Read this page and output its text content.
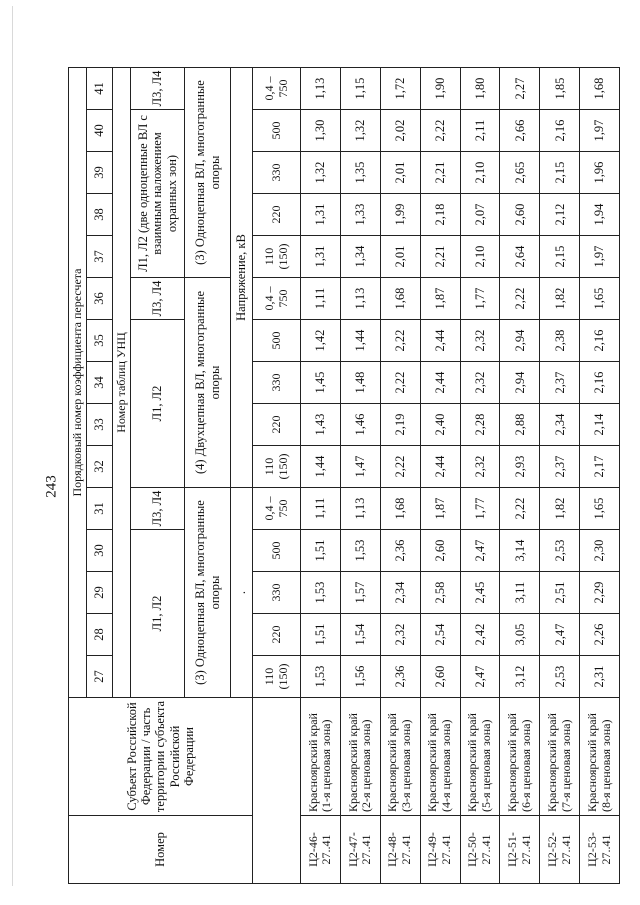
243
Номер	Субъект Российской Федерации / часть территории субъекта Российской Федерации	Порядковый номер коэффициента пересчета														
		27	28	29	30	31	32	33	34	35	36	37	38	39	40	41
		Номер таблиц УНЦ														
		Л1, Л2				Л3, Л4	Л1, Л2				Л3, Л4	Л1, Л2 (две одноцепные ВЛ с взаимным наложением охранных зон)				Л3, Л4
		(3) Одноцепная ВЛ, многогранные опоры					(4) Двухцепная ВЛ, многогранные опоры					(3) Одноцепная ВЛ, многогранные опоры				
		.					Напряжение, кВ									
		110 (150)	220	330	500	0,4 – 750	110 (150)	220	330	500	0,4 – 750	110 (150)	220	330	500	0,4 – 750
Ц2-46-27..41	Красноярский край (1-я ценовая зона)	1,53	1,51	1,53	1,51	1,11	1,44	1,43	1,45	1,42	1,11	1,31	1,31	1,32	1,30	1,13
Ц2-47-27..41	Красноярский край (2-я ценовая зона)	1,56	1,54	1,57	1,53	1,13	1,47	1,46	1,48	1,44	1,13	1,34	1,33	1,35	1,32	1,15
Ц2-48-27..41	Красноярский край (3-я ценовая зона)	2,36	2,32	2,34	2,36	1,68	2,22	2,19	2,22	2,22	1,68	2,01	1,99	2,01	2,02	1,72
Ц2-49-27..41	Красноярский край (4-я ценовая зона)	2,60	2,54	2,58	2,60	1,87	2,44	2,40	2,44	2,44	1,87	2,21	2,18	2,21	2,22	1,90
Ц2-50-27..41	Красноярский край (5-я ценовая зона)	2,47	2,42	2,45	2,47	1,77	2,32	2,28	2,32	2,32	1,77	2,10	2,07	2,10	2,11	1,80
Ц2-51-27..41	Красноярский край (6-я ценовая зона)	3,12	3,05	3,11	3,14	2,22	2,93	2,88	2,94	2,94	2,22	2,64	2,60	2,65	2,66	2,27
Ц2-52-27..41	Красноярский край (7-я ценовая зона)	2,53	2,47	2,51	2,53	1,82	2,37	2,34	2,37	2,38	1,82	2,15	2,12	2,15	2,16	1,85
Ц2-53-27..41	Красноярский край (8-я ценовая зона)	2,31	2,26	2,29	2,30	1,65	2,17	2,14	2,16	2,16	1,65	1,97	1,94	1,96	1,97	1,68
